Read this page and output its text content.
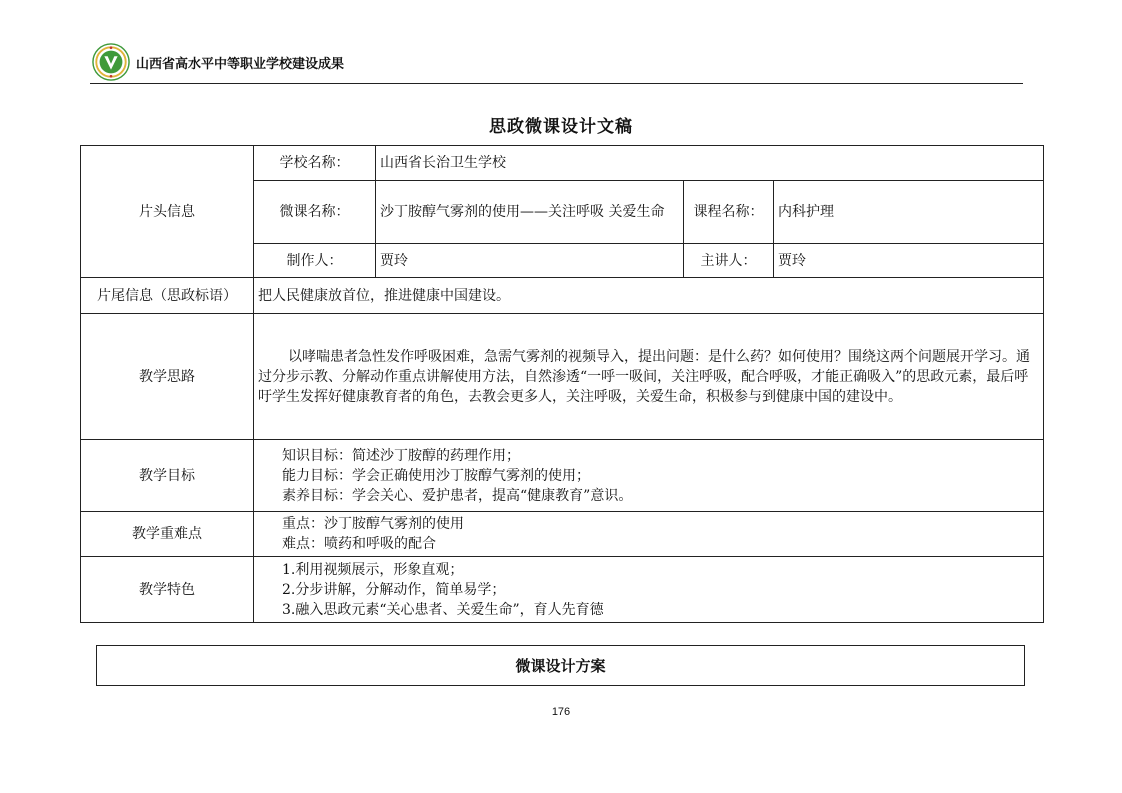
山西省高水平中等职业学校建设成果
思政微课设计文稿
片头信息	学校名称：	山西省长治卫生学校		
	微课名称：	沙丁胺醇气雾剂的使用——关注呼吸 关爱生命	课程名称：	内科护理
	制作人：	贾玲	主讲人：	贾玲
片尾信息（思政标语）	把人民健康放首位，推进健康中国建设。			
教学思路	以哮喘患者急性发作呼吸困难，急需气雾剂的视频导入，提出问题：是什么药？如何使用？围绕这两个问题展开学习。通过分步示教、分解动作重点讲解使用方法，自然渗透“一呼一吸间，关注呼吸，配合呼吸，才能正确吸入”的思政元素，最后呼吁学生发挥好健康教育者的角色，去教会更多人，关注呼吸，关爱生命，积极参与到健康中国的建设中。			
教学目标	知识目标：简述沙丁胺醇的药理作用；
能力目标：学会正确使用沙丁胺醇气雾剂的使用；
素养目标：学会关心、爱护患者，提高“健康教育”意识。			

教学重难点	重点：沙丁胺醇气雾剂的使用
难点：喷药和呼吸的配合			

教学特色	1.利用视频展示，形象直观；
2.分步讲解，分解动作，简单易学；
3.融入思政元素“关心患者、关爱生命”，育人先育德			
微课设计方案
176
